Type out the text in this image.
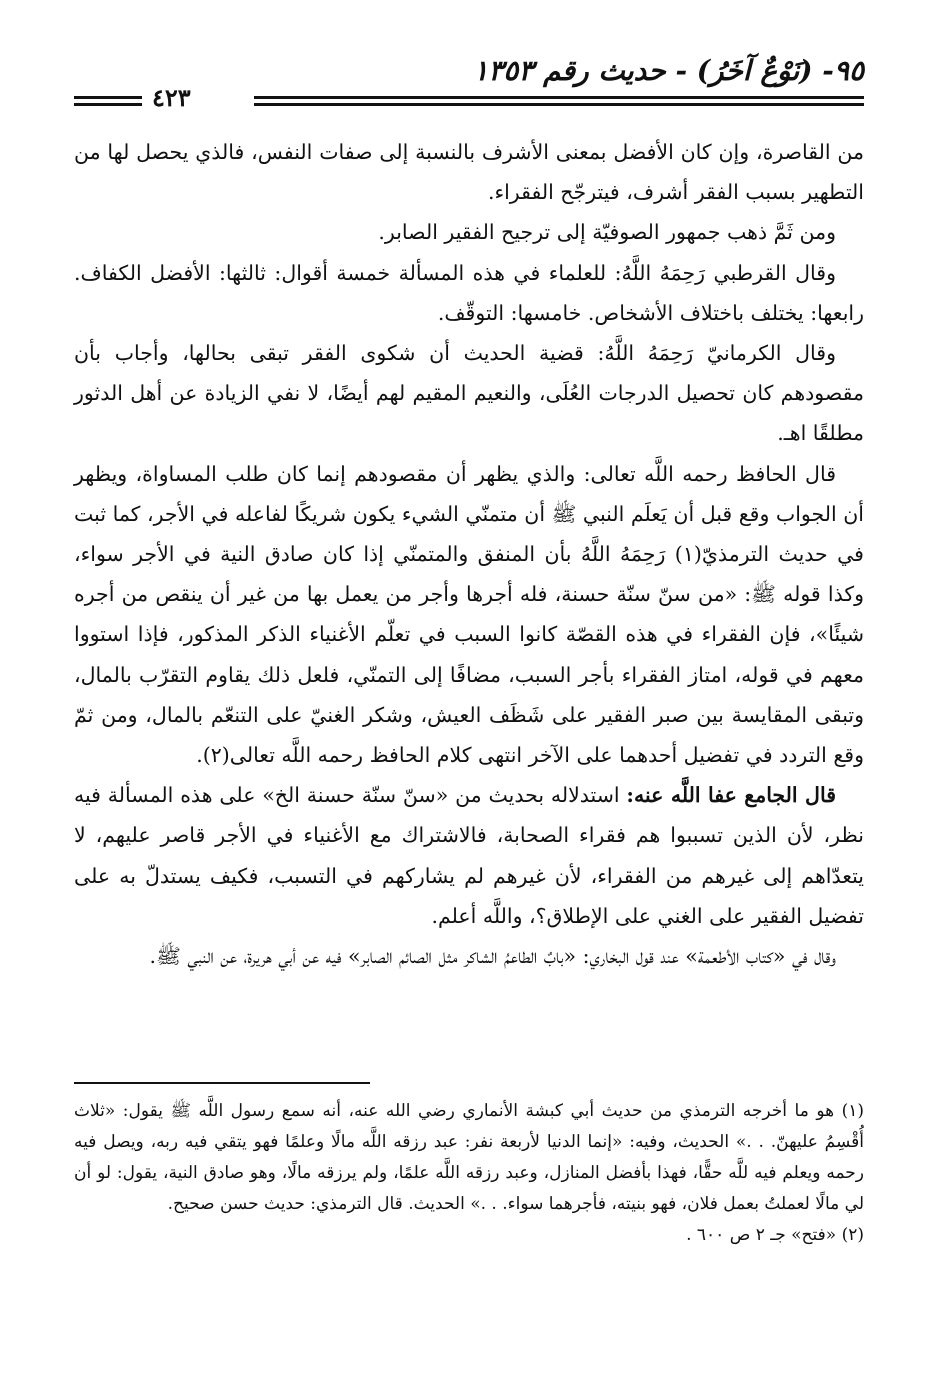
٩٥- (نَوْعٌ آخَرُ) - حديث رقم ١٣٥٣
٤٢٣

من القاصرة، وإن كان الأفضل بمعنى الأشرف بالنسبة إلى صفات النفس، فالذي يحصل لها من التطهير بسبب الفقر أشرف، فيترجّح الفقراء.

ومن ثَمَّ ذهب جمهور الصوفيّة إلى ترجيح الفقير الصابر.

وقال القرطبي رَحِمَهُ اللَّهُ: للعلماء في هذه المسألة خمسة أقوال: ثالثها: الأفضل الكفاف. رابعها: يختلف باختلاف الأشخاص. خامسها: التوقّف.

وقال الكرمانيّ رَحِمَهُ اللَّهُ: قضية الحديث أن شكوى الفقر تبقى بحالها، وأجاب بأن مقصودهم كان تحصيل الدرجات العُلَى، والنعيم المقيم لهم أيضًا، لا نفي الزيادة عن أهل الدثور مطلقًا اهـ.

قال الحافظ رحمه اللَّه تعالى: والذي يظهر أن مقصودهم إنما كان طلب المساواة، ويظهر أن الجواب وقع قبل أن يَعلَم النبي ﷺ أن متمنّي الشيء يكون شريكًا لفاعله في الأجر، كما ثبت في حديث الترمذيّ(١) رَحِمَهُ اللَّهُ بأن المنفق والمتمنّي إذا كان صادق النية في الأجر سواء، وكذا قوله ﷺ: «من سنّ سنّة حسنة، فله أجرها وأجر من يعمل بها من غير أن ينقص من أجره شيئًا»، فإن الفقراء في هذه القصّة كانوا السبب في تعلّم الأغنياء الذكر المذكور، فإذا استووا معهم في قوله، امتاز الفقراء بأجر السبب، مضافًا إلى التمنّي، فلعل ذلك يقاوم التقرّب بالمال، وتبقى المقايسة بين صبر الفقير على شَظَف العيش، وشكر الغنيّ على التنعّم بالمال، ومن ثمّ وقع التردد في تفضيل أحدهما على الآخر انتهى كلام الحافظ رحمه اللَّه تعالى(٢).

قال الجامع عفا اللَّه عنه: استدلاله بحديث من «سنّ سنّة حسنة الخ» على هذه المسألة فيه نظر، لأن الذين تسببوا هم فقراء الصحابة، فالاشتراك مع الأغنياء في الأجر قاصر عليهم، لا يتعدّاهم إلى غيرهم من الفقراء، لأن غيرهم لم يشاركهم في التسبب، فكيف يستدلّ به على تفضيل الفقير على الغني على الإطلاق؟، واللَّه أعلم.

وقال في «كتاب الأطعمة» عند قول البخاري: «بابٌ الطاعمُ الشاكر مثل الصائم الصابر» فيه عن أبي هريرة، عن النبي ﷺ.

(١) هو ما أخرجه الترمذي من حديث أبي كبشة الأنماري رضي الله عنه، أنه سمع رسول اللَّه ﷺ يقول: «ثلاث أُقْسِمُ عليهنّ. . .» الحديث، وفيه: «إنما الدنيا لأربعة نفر: عبد رزقه اللَّه مالًا وعلمًا فهو يتقي فيه ربه، ويصل فيه رحمه ويعلم فيه للَّه حقًّا، فهذا بأفضل المنازل، وعبد رزقه اللَّه علمًا، ولم يرزقه مالًا، وهو صادق النية، يقول: لو أن لي مالًا لعملتُ بعمل فلان، فهو بنيته، فأجرهما سواء. . .» الحديث. قال الترمذي: حديث حسن صحيح.

(٢) «فتح» جـ ٢ ص ٦٠٠ .
